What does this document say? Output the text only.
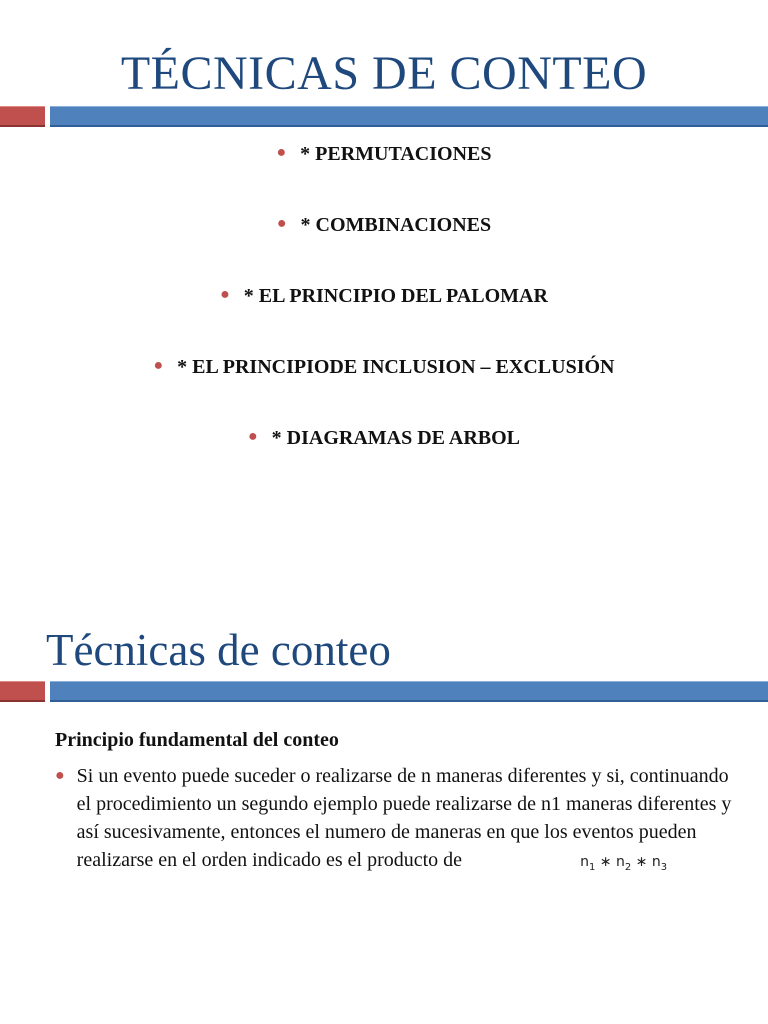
TÉCNICAS DE CONTEO
● * PERMUTACIONES
● * COMBINACIONES
● * EL PRINCIPIO DEL PALOMAR
● * EL PRINCIPIODE INCLUSION – EXCLUSIÓN
● * DIAGRAMAS DE ARBOL
Técnicas de conteo
Principio fundamental del conteo
● Si un evento puede suceder o realizarse de n maneras diferentes y si, continuando el procedimiento un segundo ejemplo puede realizarse de n1 maneras diferentes y así sucesivamente, entonces el numero de maneras en que los eventos pueden realizarse en el orden indicado es el producto de	$n_1$ ∗ $n_2$ ∗ $n_3$
